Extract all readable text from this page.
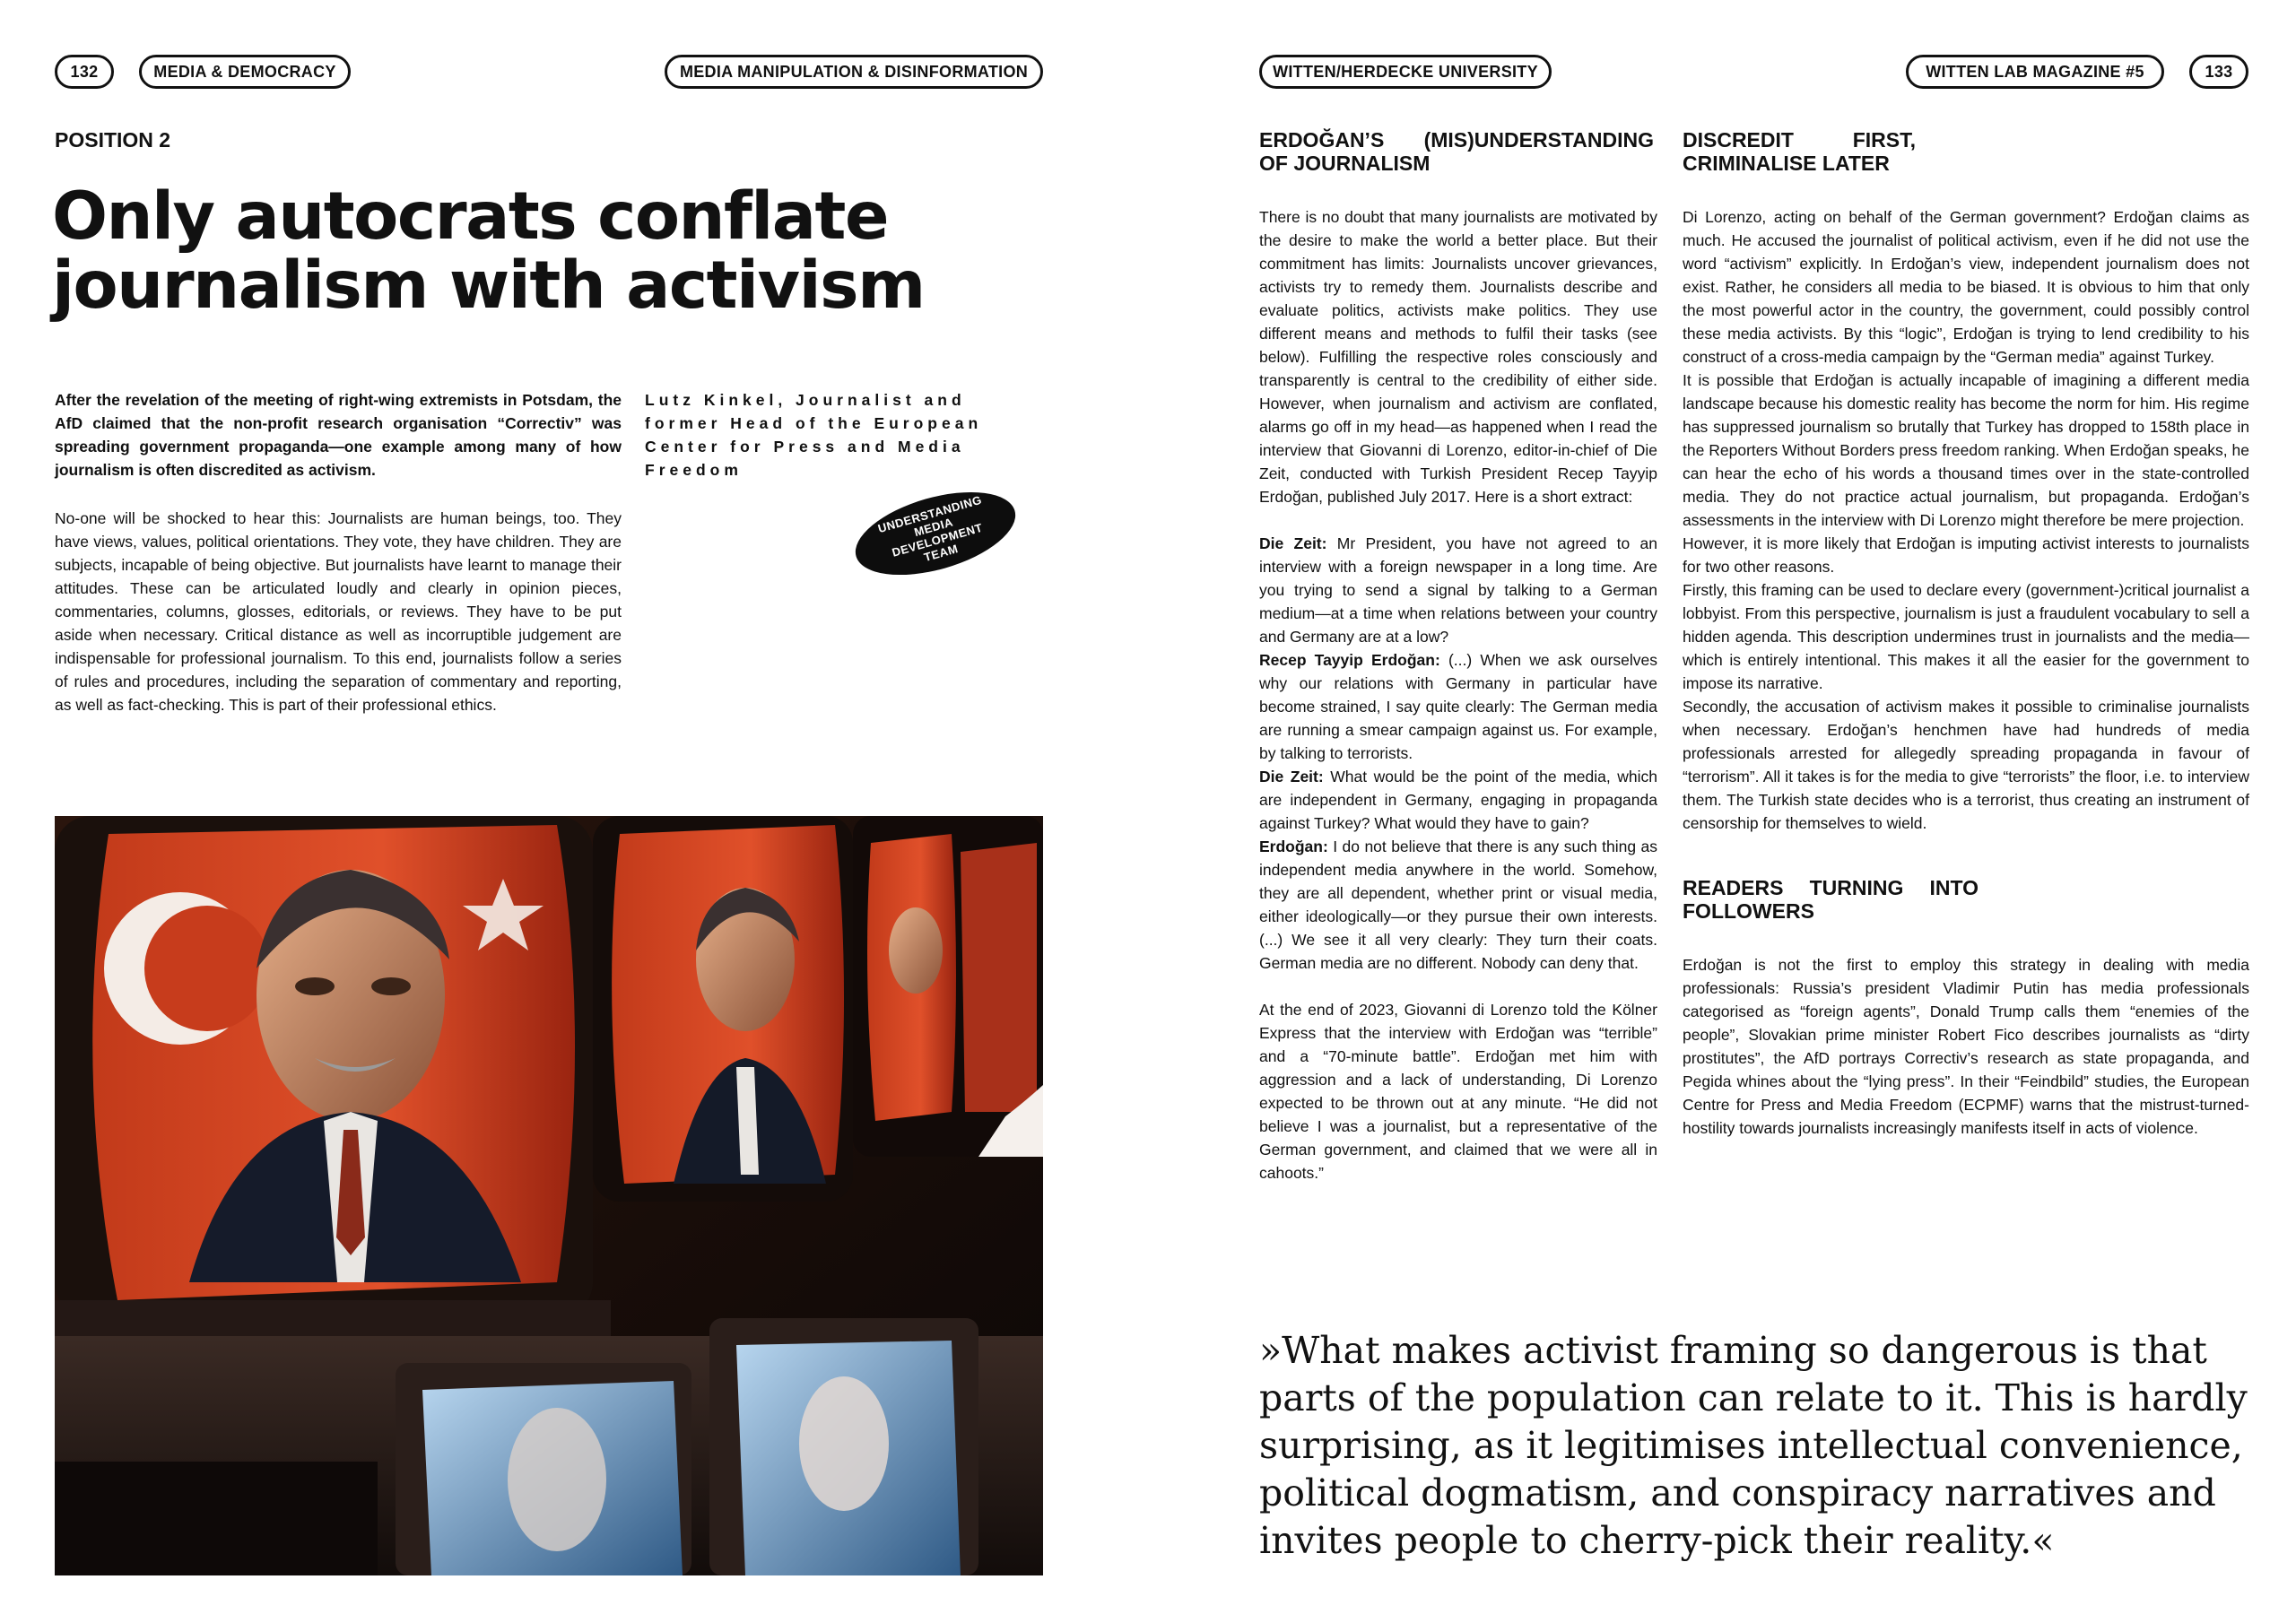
132	MEDIA & DEMOCRACY	MEDIA MANIPULATION & DISINFORMATION	WITTEN/HERDECKE UNIVERSITY	WITTEN LAB MAGAZINE #5	133
POSITION 2
Only autocrats conflate
journalism with activism
After the revelation of the meeting of right-wing extremists in Potsdam, the AfD claimed that the non-profit research organisation “Correctiv” was spreading government propaganda—one example among many of how journalism is often discredited as activism.
Lutz Kinkel, Journalist and former Head of the European Center for Press and Media Freedom
UNDERSTANDING MEDIA DEVELOPMENT TEAM
No-one will be shocked to hear this: Journalists are human beings, too. They have views, values, political orientations. They vote, they have children. They are subjects, incapable of being objective. But journalists have learnt to manage their attitudes. These can be articulated loudly and clearly in opinion pieces, commentaries, columns, glosses, editorials, or reviews. They have to be put aside when necessary. Critical distance as well as incorruptible judgement are indispensable for professional journalism. To this end, journalists follow a series of rules and procedures, including the separation of commentary and reporting, as well as fact-checking. This is part of their professional ethics.
ERDOĞAN’S (MIS)UNDERSTANDING OF JOURNALISM

There is no doubt that many journalists are motivated by the desire to make the world a better place. But their commitment has limits: Journalists uncover grievances, activists try to remedy them. Journalists describe and evaluate politics, activists make politics. They use different means and methods to fulfil their tasks (see below). Fulfilling the respective roles consciously and transparently is central to the credibility of either side. However, when journalism and activism are conflated, alarms go off in my head—as happened when I read the interview that Giovanni di Lorenzo, editor-in-chief of Die Zeit, conducted with Turkish President Recep Tayyip Erdoğan, published July 2017. Here is a short extract:

Die Zeit: Mr President, you have not agreed to an interview with a foreign newspaper in a long time. Are you trying to send a signal by talking to a German medium—at a time when relations between your country and Germany are at a low?

Recep Tayyip Erdoğan: (...) When we ask ourselves why our relations with Germany in particular have become strained, I say quite clearly: The German media are running a smear campaign against us. For example, by talking to terrorists.

Die Zeit: What would be the point of the media, which are independent in Germany, engaging in propaganda against Turkey? What would they have to gain?

Erdoğan: I do not believe that there is any such thing as independent media anywhere in the world. Somehow, they are all dependent, whether print or visual media, either ideologically—or they pursue their own interests. (...) We see it all very clearly: They turn their coats. German media are no different. Nobody can deny that.

At the end of 2023, Giovanni di Lorenzo told the Kölner Express that the interview with Erdoğan was “terrible” and a “70-minute battle”. Erdoğan met him with aggression and a lack of understanding, Di Lorenzo expected to be thrown out at any minute. “He did not believe I was a journalist, but a representative of the German government, and claimed that we were all in cahoots.”

DISCREDIT FIRST, CRIMINALISE LATER

Di Lorenzo, acting on behalf of the German government? Erdoğan claims as much. He accused the journalist of political activism, even if he did not use the word “activism” explicitly. In Erdoğan’s view, independent journalism does not exist. Rather, he considers all media to be biased. It is obvious to him that only the most powerful actor in the country, the government, could possibly control these media activists. By this “logic”, Erdoğan is trying to lend credibility to his construct of a cross-media campaign by the “German media” against Turkey.

It is possible that Erdoğan is actually incapable of imagining a different media landscape because his domestic reality has become the norm for him. His regime has suppressed journalism so brutally that Turkey has dropped to 158th place in the Reporters Without Borders press freedom ranking. When Erdoğan speaks, he can hear the echo of his words a thousand times over in the state-controlled media. They do not practice actual journalism, but propaganda. Erdoğan’s assessments in the interview with Di Lorenzo might therefore be mere projection.

However, it is more likely that Erdoğan is imputing activist interests to journalists for two other reasons.

Firstly, this framing can be used to declare every (government-)critical journalist a lobbyist. From this perspective, journalism is just a fraudulent vocabulary to sell a hidden agenda. This description undermines trust in journalists and the media—which is entirely intentional. This makes it all the easier for the government to impose its narrative.

Secondly, the accusation of activism makes it possible to criminalise journalists when necessary. Erdoğan’s henchmen have had hundreds of media professionals arrested for allegedly spreading propaganda in favour of “terrorism”. All it takes is for the media to give “terrorists” the floor, i.e. to interview them. The Turkish state decides who is a terrorist, thus creating an instrument of censorship for themselves to wield.

READERS TURNING INTO FOLLOWERS

Erdoğan is not the first to employ this strategy in dealing with media professionals: Russia’s president Vladimir Putin has media professionals categorised as “foreign agents”, Donald Trump calls them “enemies of the people”, Slovakian prime minister Robert Fico describes journalists as “dirty prostitutes”, the AfD portrays Correctiv’s research as state propaganda, and Pegida whines about the “lying press”. In their “Feindbild” studies, the European Centre for Press and Media Freedom (ECPMF) warns that the mistrust-turned-hostility towards journalists increasingly manifests itself in acts of violence.

»What makes activist framing so dangerous is that parts of the population can relate to it. This is hardly surprising, as it legitimises intellectual convenience, political dogmatism, and conspiracy narratives and invites people to cherry-pick their reality.«
